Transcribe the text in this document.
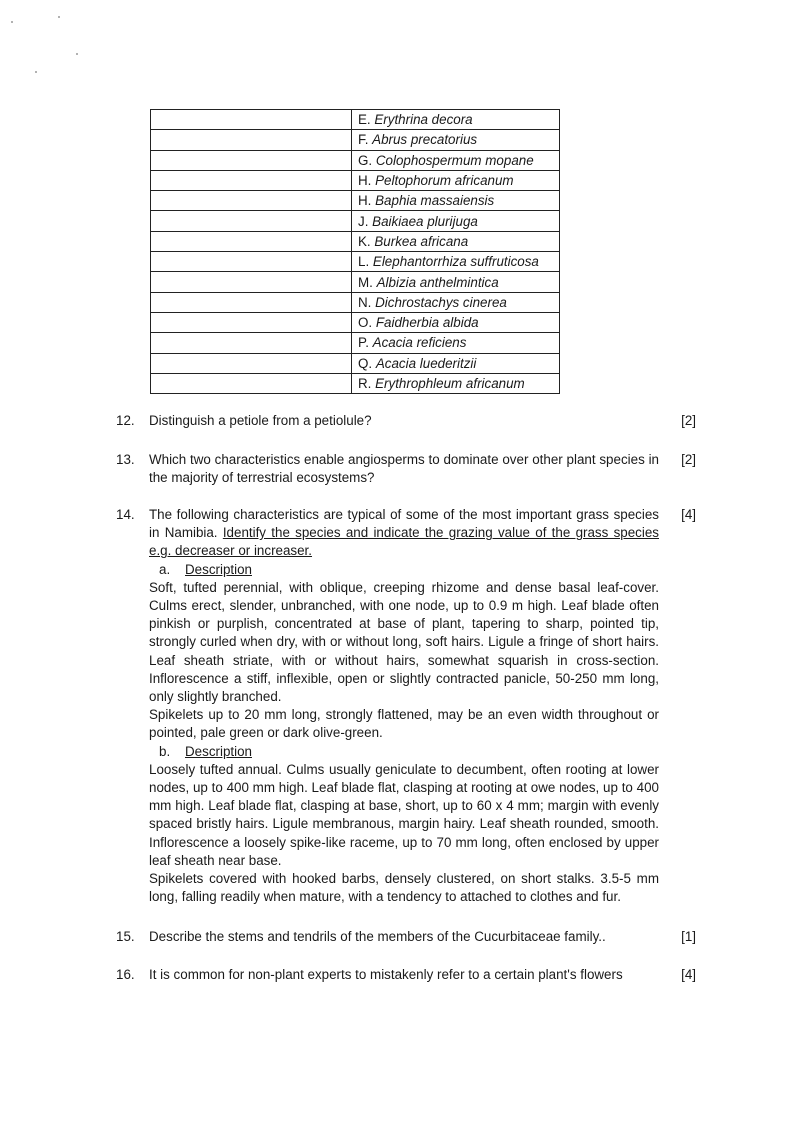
	E. Erythrina decora
	F. Abrus precatorius
	G. Colophospermum mopane
	H. Peltophorum africanum
	H. Baphia massaiensis
	J. Baikiaea plurijuga
	K. Burkea africana
	L. Elephantorrhiza suffruticosa
	M. Albizia anthelmintica
	N. Dichrostachys cinerea
	O. Faidherbia albida
	P. Acacia reficiens
	Q. Acacia luederitzii
	R. Erythrophleum africanum
12.	Distinguish a petiole from a petiolule?	[2]
13.	Which two characteristics enable angiosperms to dominate over other plant species in the majority of terrestrial ecosystems?
[2]
14.	The following characteristics are typical of some of the most important grass species in Namibia. Identify the species and indicate the grazing value of the grass species e.g. decreaser or increaser.

a. Description

Soft, tufted perennial, with oblique, creeping rhizome and dense basal leaf-cover. Culms erect, slender, unbranched, with one node, up to 0.9 m high. Leaf blade often pinkish or purplish, concentrated at base of plant, tapering to sharp, pointed tip, strongly curled when dry, with or without long, soft hairs. Ligule a fringe of short hairs. Leaf sheath striate, with or without hairs, somewhat squarish in cross-section. Inflorescence a stiff, inflexible, open or slightly contracted panicle, 50-250 mm long, only slightly branched.

Spikelets up to 20 mm long, strongly flattened, may be an even width throughout or pointed, pale green or dark olive-green.

b. Description

Loosely tufted annual. Culms usually geniculate to decumbent, often rooting at lower nodes, up to 400 mm high. Leaf blade flat, clasping at rooting at owe nodes, up to 400 mm high. Leaf blade flat, clasping at base, short, up to 60 x 4 mm; margin with evenly spaced bristly hairs. Ligule membranous, margin hairy. Leaf sheath rounded, smooth. Inflorescence a loosely spike-like raceme, up to 70 mm long, often enclosed by upper leaf sheath near base.

Spikelets covered with hooked barbs, densely clustered, on short stalks. 3.5-5 mm long, falling readily when mature, with a tendency to attached to clothes and fur.

[4]
15.	Describe the stems and tendrils of the members of the Cucurbitaceae family..	[1]
16.	It is common for non-plant experts to mistakenly refer to a certain plant's flowers	[4]
